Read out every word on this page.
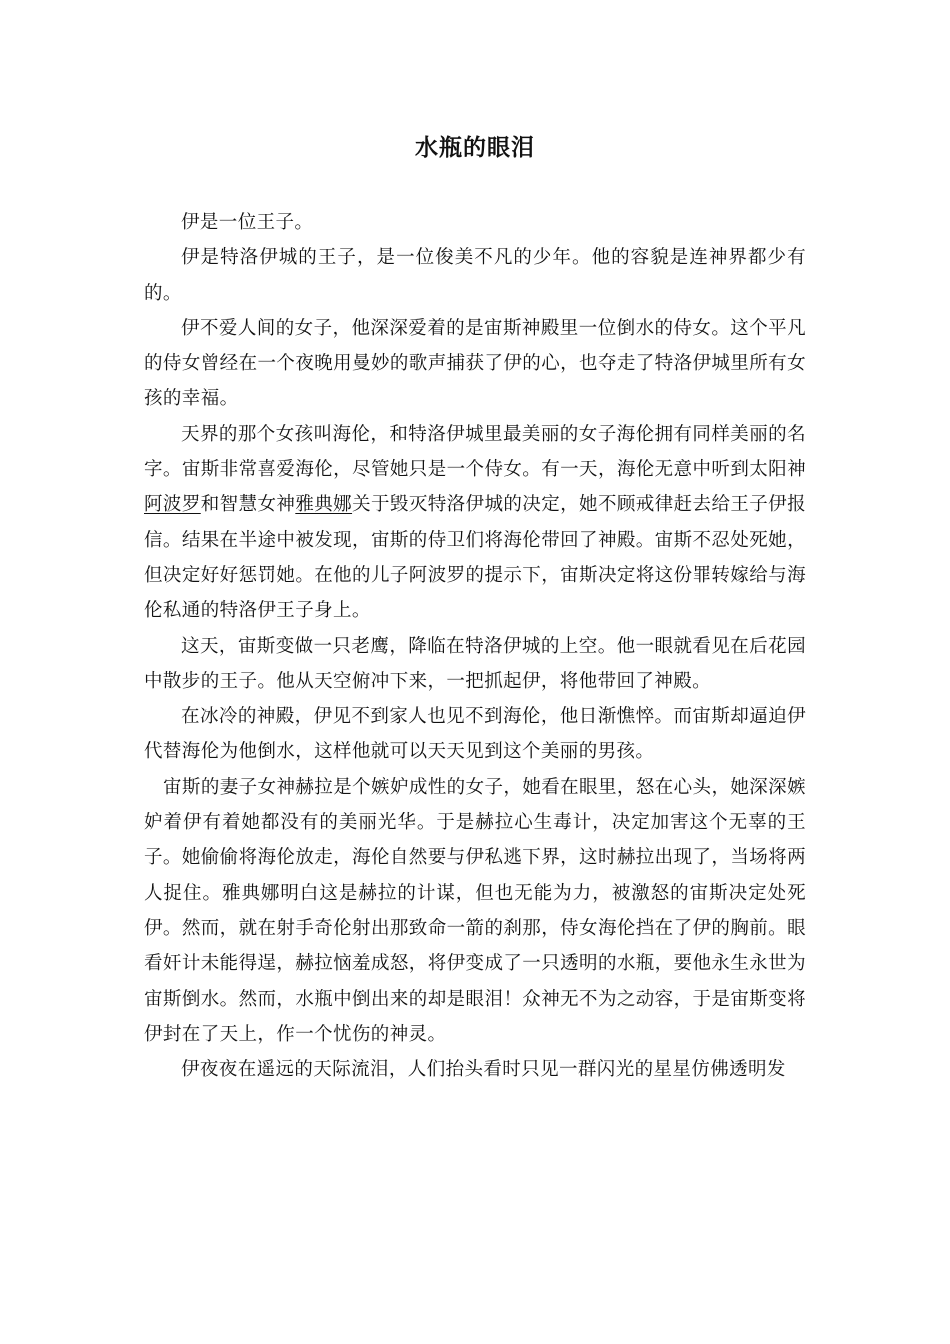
水瓶的眼泪

伊是一位王子。

伊是特洛伊城的王子，是一位俊美不凡的少年。他的容貌是连神界都少有的。

伊不爱人间的女子，他深深爱着的是宙斯神殿里一位倒水的侍女。这个平凡的侍女曾经在一个夜晚用曼妙的歌声捕获了伊的心，也夺走了特洛伊城里所有女孩的幸福。

天界的那个女孩叫海伦，和特洛伊城里最美丽的女子海伦拥有同样美丽的名字。宙斯非常喜爱海伦，尽管她只是一个侍女。有一天，海伦无意中听到太阳神阿波罗和智慧女神雅典娜关于毁灭特洛伊城的决定，她不顾戒律赶去给王子伊报信。结果在半途中被发现，宙斯的侍卫们将海伦带回了神殿。宙斯不忍处死她，但决定好好惩罚她。在他的儿子阿波罗的提示下，宙斯决定将这份罪转嫁给与海伦私通的特洛伊王子身上。

这天，宙斯变做一只老鹰，降临在特洛伊城的上空。他一眼就看见在后花园中散步的王子。他从天空俯冲下来，一把抓起伊，将他带回了神殿。

在冰冷的神殿，伊见不到家人也见不到海伦，他日渐憔悴。而宙斯却逼迫伊代替海伦为他倒水，这样他就可以天天见到这个美丽的男孩。

宙斯的妻子女神赫拉是个嫉妒成性的女子，她看在眼里，怒在心头，她深深嫉妒着伊有着她都没有的美丽光华。于是赫拉心生毒计，决定加害这个无辜的王子。她偷偷将海伦放走，海伦自然要与伊私逃下界，这时赫拉出现了，当场将两人捉住。雅典娜明白这是赫拉的计谋，但也无能为力，被激怒的宙斯决定处死伊。然而，就在射手奇伦射出那致命一箭的刹那，侍女海伦挡在了伊的胸前。眼看奸计未能得逞，赫拉恼羞成怒，将伊变成了一只透明的水瓶，要他永生永世为宙斯倒水。然而，水瓶中倒出来的却是眼泪！众神无不为之动容，于是宙斯变将伊封在了天上，作一个忧伤的神灵。

伊夜夜在遥远的天际流泪，人们抬头看时只见一群闪光的星星仿佛透明发
